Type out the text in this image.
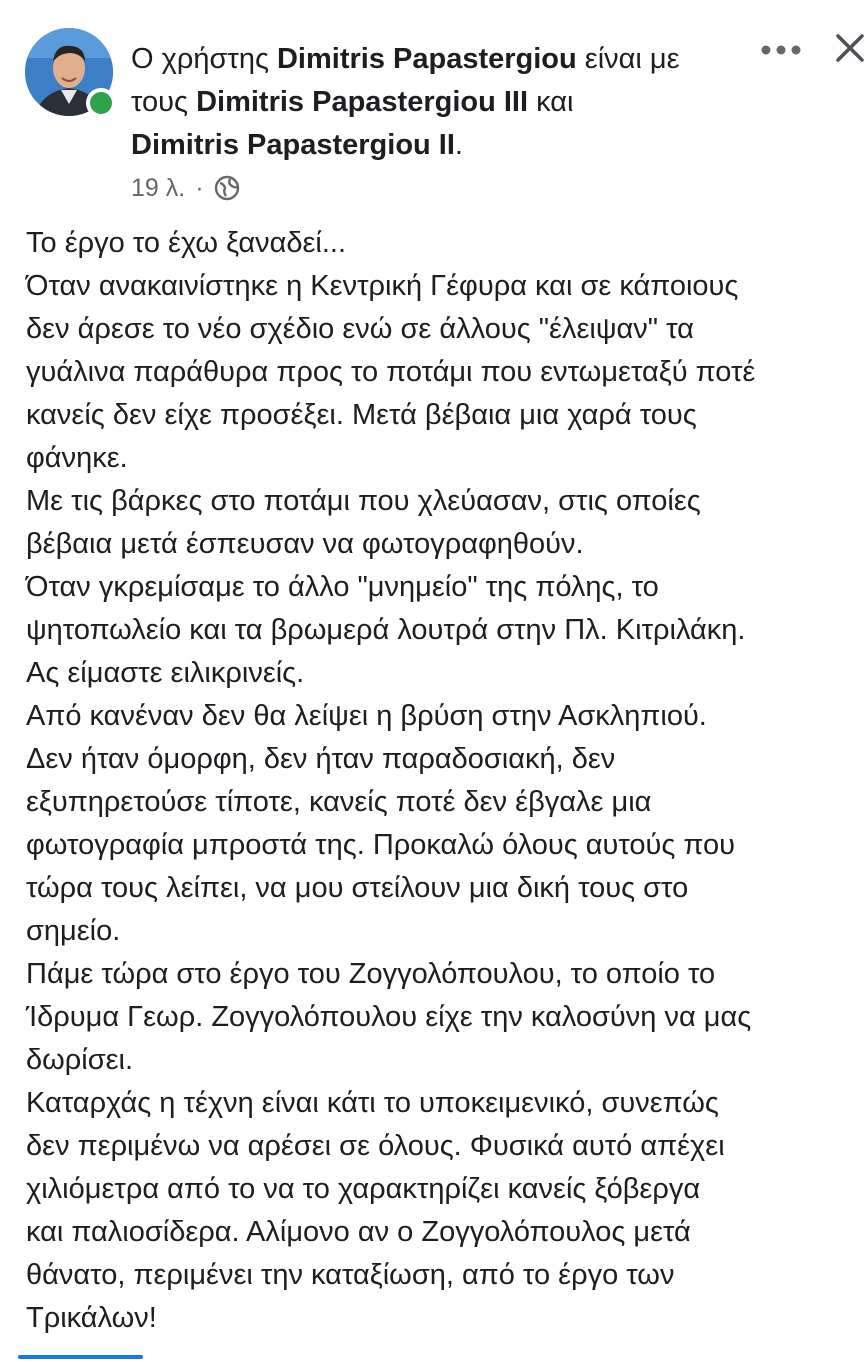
Ο χρήστης Dimitris Papastergiou είναι με τους Dimitris Papastergiou III και
Dimitris Papastergiou II.
19 λ. ·
Το έργο το έχω ξαναδεί...
Όταν ανακαινίστηκε η Κεντρική Γέφυρα και σε κάποιους
δεν άρεσε το νέο σχέδιο ενώ σε άλλους "έλειψαν" τα
γυάλινα παράθυρα προς το ποτάμι που εντωμεταξύ ποτέ
κανείς δεν είχε προσέξει. Μετά βέβαια μια χαρά τους
φάνηκε.
Με τις βάρκες στο ποτάμι που χλεύασαν, στις οποίες
βέβαια μετά έσπευσαν να φωτογραφηθούν.
Όταν γκρεμίσαμε το άλλο "μνημείο" της πόλης, το
ψητοπωλείο και τα βρωμερά λουτρά στην Πλ. Κιτριλάκη.
Ας είμαστε ειλικρινείς.
Από κανέναν δεν θα λείψει η βρύση στην Ασκληπιού.
Δεν ήταν όμορφη, δεν ήταν παραδοσιακή, δεν
εξυπηρετούσε τίποτε, κανείς ποτέ δεν έβγαλε μια
φωτογραφία μπροστά της. Προκαλώ όλους αυτούς που
τώρα τους λείπει, να μου στείλουν μια δική τους στο
σημείο.
Πάμε τώρα στο έργο του Ζογγολόπουλου, το οποίο το
Ίδρυμα Γεωρ. Ζογγολόπουλου είχε την καλοσύνη να μας
δωρίσει.
Καταρχάς η τέχνη είναι κάτι το υποκειμενικό, συνεπώς
δεν περιμένω να αρέσει σε όλους. Φυσικά αυτό απέχει
χιλιόμετρα από το να το χαρακτηρίζει κανείς ξόβεργα
και παλιοσίδερα. Αλίμονο αν ο Ζογγολόπουλος μετά
θάνατο, περιμένει την καταξίωση, από το έργο των
Τρικάλων!
